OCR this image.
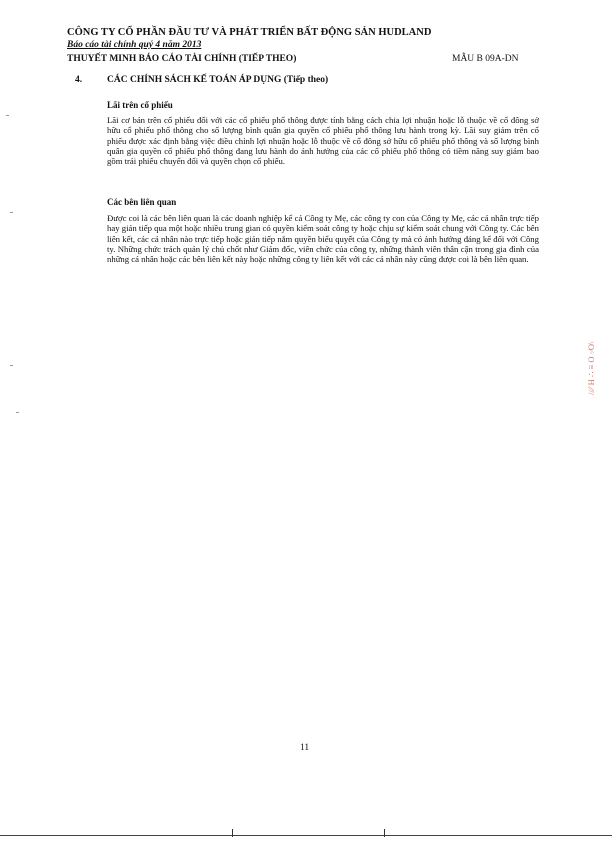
CÔNG TY CỔ PHẦN ĐẦU TƯ VÀ PHÁT TRIỂN BẤT ĐỘNG SẢN HUDLAND
Báo cáo tài chính quý 4 năm 2013
THUYẾT MINH BÁO CÁO TÀI CHÍNH (TIẾP THEO)	MẪU B 09A-DN
4.	CÁC CHÍNH SÁCH KẾ TOÁN ÁP DỤNG (Tiếp theo)
Lãi trên cổ phiếu
Lãi cơ bản trên cổ phiếu đối với các cổ phiếu phổ thông được tính bằng cách chia lợi nhuận hoặc lỗ thuộc về cổ đông sở hữu cổ phiếu phổ thông cho số lượng bình quân gia quyền cổ phiếu phổ thông lưu hành trong kỳ. Lãi suy giảm trên cổ phiếu được xác định bằng việc điều chỉnh lợi nhuận hoặc lỗ thuộc về cổ đông sở hữu cổ phiếu phổ thông và số lượng bình quân gia quyền cổ phiếu phổ thông đang lưu hành do ảnh hưởng của các cổ phiếu phổ thông có tiềm năng suy giảm bao gồm trái phiếu chuyển đổi và quyền chọn cổ phiếu.
Các bên liên quan
Được coi là các bên liên quan là các doanh nghiệp kể cả Công ty Mẹ, các công ty con của Công ty Mẹ, các cá nhân trực tiếp hay gián tiếp qua một hoặc nhiều trung gian có quyền kiểm soát công ty hoặc chịu sự kiểm soát chung với Công ty. Các bên liên kết, các cá nhân nào trực tiếp hoặc gián tiếp nắm quyền biểu quyết của Công ty mà có ảnh hưởng đáng kể đối với Công ty. Những chức trách quản lý chủ chốt như Giám đốc, viên chức của công ty, những thành viên thân cận trong gia đình của những cá nhân hoặc các bên liên kết này hoặc những công ty liên kết với các cá nhân này cũng được coi là bên liên quan.
11
//∕∕ H ∴ ≡ O ·∕O\
